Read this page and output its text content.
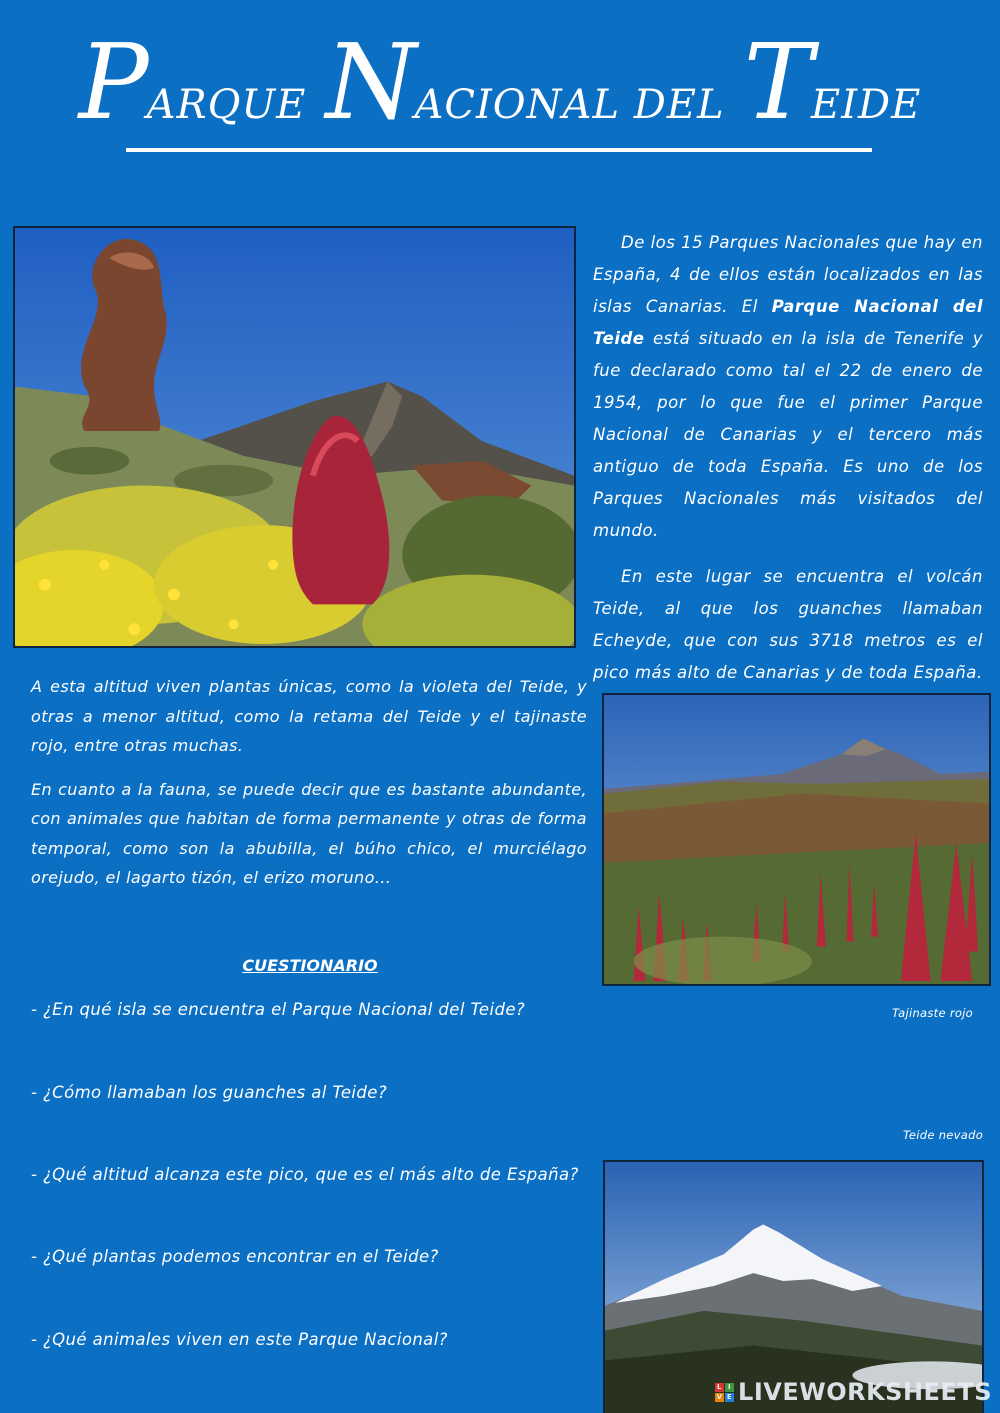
PARQUE NACIONAL DEL TEIDE

De los 15 Parques Nacionales que hay en España, 4 de ellos están localizados en las islas Canarias. El Parque Nacional del Teide está situado en la isla de Tenerife y fue declarado como tal el 22 de enero de 1954, por lo que fue el primer Parque Nacional de Canarias y el tercero más antiguo de toda España. Es uno de los Parques Nacionales más visitados del mundo.

En este lugar se encuentra el volcán Teide, al que los guanches llamaban Echeyde, que con sus 3718 metros es el pico más alto de Canarias y de toda España.

A esta altitud viven plantas únicas, como la violeta del Teide, y otras a menor altitud, como la retama del Teide y el tajinaste rojo, entre otras muchas.

En cuanto a la fauna, se puede decir que es bastante abundante, con animales que habitan de forma permanente y otras de forma temporal, como son la abubilla, el búho chico, el murciélago orejudo, el lagarto tizón, el erizo moruno...

Tajinaste rojo
CUESTIONARIO
- ¿En qué isla se encuentra el Parque Nacional del Teide?
- ¿Cómo llamaban los guanches al Teide?
- ¿Qué altitud alcanza este pico, que es el más alto de España?
- ¿Qué plantas podemos encontrar en el Teide?
- ¿Qué animales viven en este Parque Nacional?
Teide nevado
L I
V E LIVEWORKSHEETS
